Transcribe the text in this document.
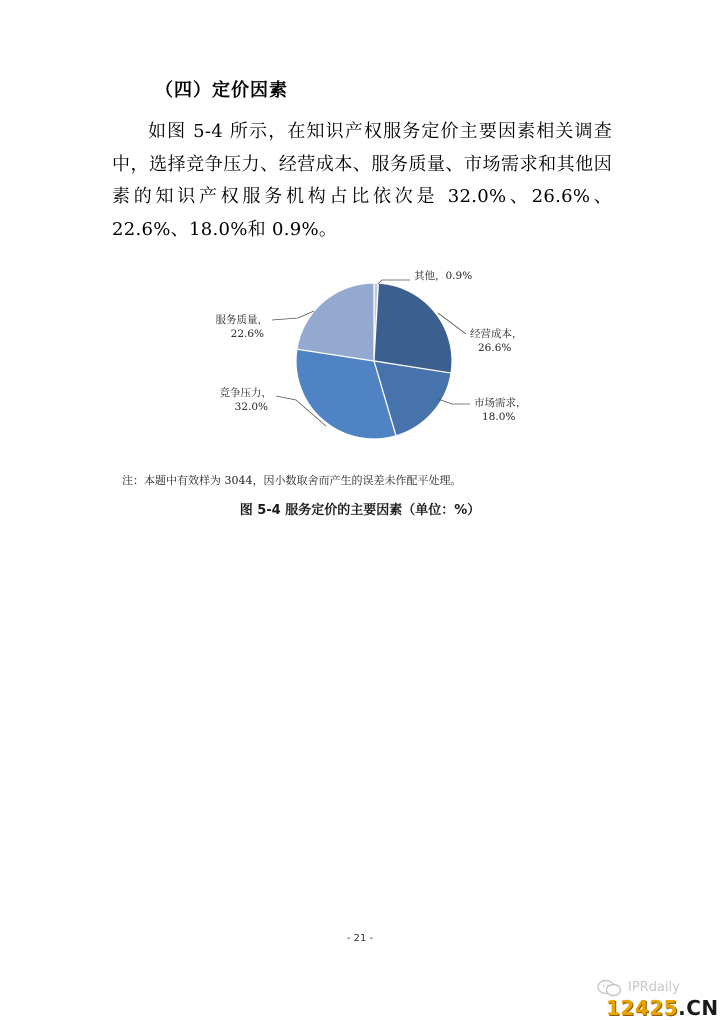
（四）定价因素
如图 5-4 所示，在知识产权服务定价主要因素相关调查中，选择竞争压力、经营成本、服务质量、市场需求和其他因素的知识产权服务机构占比依次是 32.0%、26.6%、22.6%、18.0%和 0.9%。
其他，0.9%
经营成本， 26.6%
市场需求， 18.0%
竞争压力， 32.0%
服务质量， 22.6%
注：本题中有效样为 3044，因小数取舍而产生的误差未作配平处理。
图 5-4 服务定价的主要因素（单位：%）
- 21 -
IPRdaily
12425.CN
